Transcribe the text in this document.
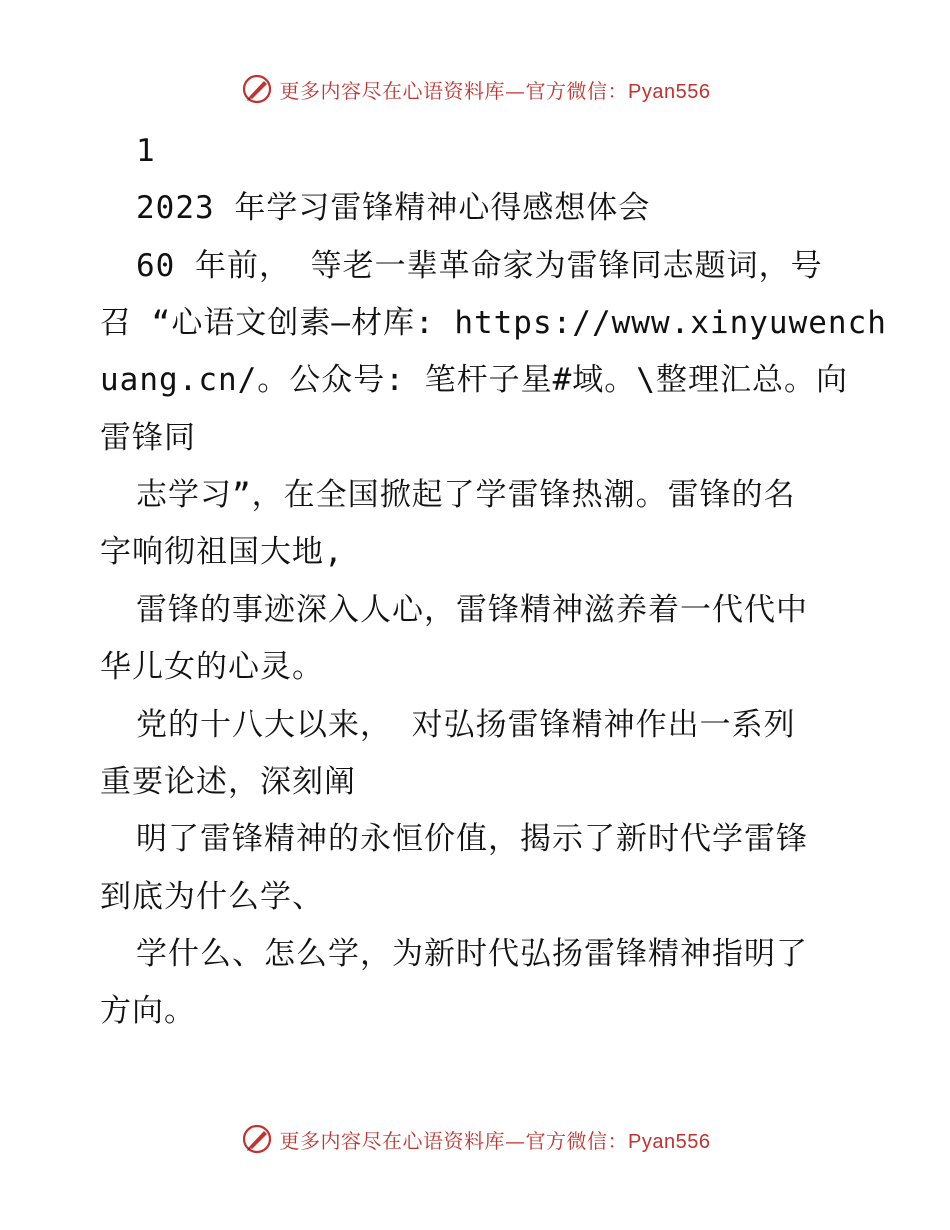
更多内容尽在心语资料库—官方微信：Pyan556
1
2023 年学习雷锋精神心得感想体会
60 年前， 等老一辈革命家为雷锋同志题词，号
召 “心语文创素—材库: https://www.xinyuwench
uang.cn/。公众号: 笔杆子星#域。\整理汇总。向
雷锋同
志学习”，在全国掀起了学雷锋热潮。雷锋的名
字响彻祖国大地,
雷锋的事迹深入人心，雷锋精神滋养着一代代中
华儿女的心灵。
党的十八大以来， 对弘扬雷锋精神作出一系列
重要论述，深刻阐
明了雷锋精神的永恒价值，揭示了新时代学雷锋
到底为什么学、
学什么、怎么学，为新时代弘扬雷锋精神指明了
方向。
更多内容尽在心语资料库—官方微信：Pyan556
